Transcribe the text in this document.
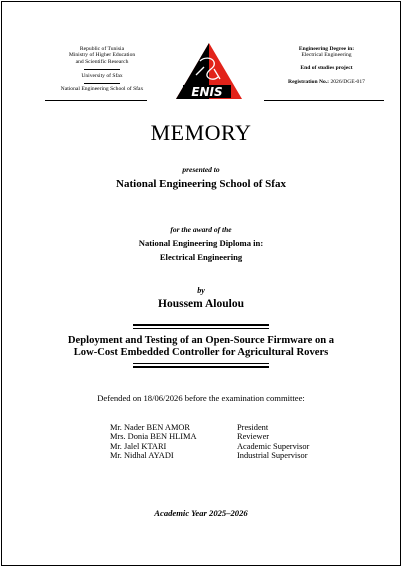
Republic of Tunisia
Ministry of Higher Education
and Scientific Research
University of Sfax
National Engineering School of Sfax	ENIS
Engineering Degree in:
Electrical Engineering
End of studies project
Registration No.: 2026/DGE-017
MEMORY
presented to
National Engineering School of Sfax
for the award of the
National Engineering Diploma in:
Electrical Engineering
by
Houssem Aloulou
Deployment and Testing of an Open-Source Firmware on a
Low-Cost Embedded Controller for Agricultural Rovers
Defended on 18/06/2026 before the examination committee:
Mr. Nader BEN AMOR	President
Mrs. Donia BEN HLIMA	Reviewer
Mr. Jalel KTARI	Academic Supervisor
Mr. Nidhal AYADI	Industrial Supervisor
Academic Year 2025–2026
